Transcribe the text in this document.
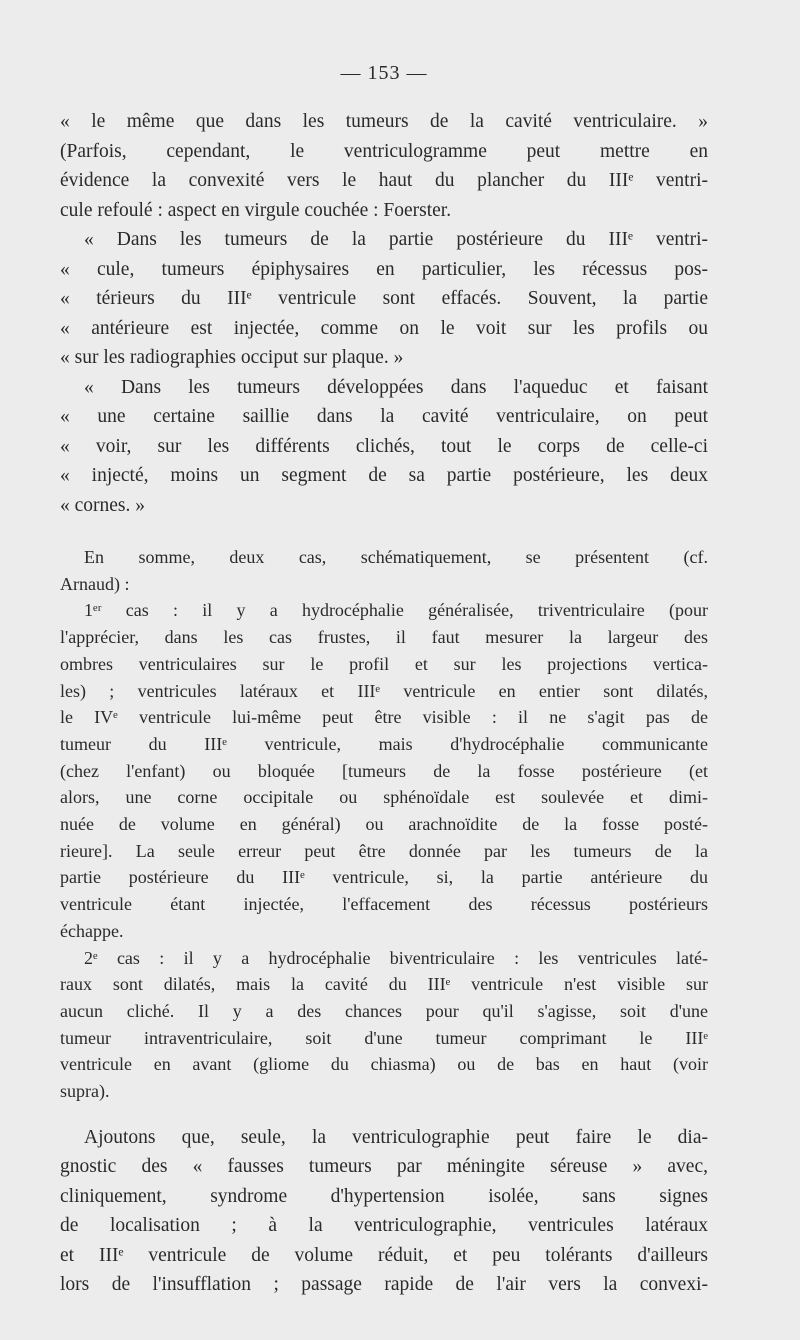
— 153 —
« le même que dans les tumeurs de la cavité ventriculaire. »
(Parfois, cependant, le ventriculogramme peut mettre en
évidence la convexité vers le haut du plancher du IIIᵉ ventri-
cule refoulé : aspect en virgule couchée : Foerster.
« Dans les tumeurs de la partie postérieure du IIIᵉ ventri-
« cule, tumeurs épiphysaires en particulier, les récessus pos-
« térieurs du IIIᵉ ventricule sont effacés. Souvent, la partie
« antérieure est injectée, comme on le voit sur les profils ou
« sur les radiographies occiput sur plaque. »
« Dans les tumeurs développées dans l'aqueduc et faisant
« une certaine saillie dans la cavité ventriculaire, on peut
« voir, sur les différents clichés, tout le corps de celle-ci
« injecté, moins un segment de sa partie postérieure, les deux
« cornes. »
En somme, deux cas, schématiquement, se présentent (cf.
Arnaud) :
1ᵉʳ cas : il y a hydrocéphalie généralisée, triventriculaire (pour
l'apprécier, dans les cas frustes, il faut mesurer la largeur des
ombres ventriculaires sur le profil et sur les projections vertica-
les) ; ventricules latéraux et IIIᵉ ventricule en entier sont dilatés,
le IVᵉ ventricule lui-même peut être visible : il ne s'agit pas de
tumeur du IIIᵉ ventricule, mais d'hydrocéphalie communicante
(chez l'enfant) ou bloquée [tumeurs de la fosse postérieure (et
alors, une corne occipitale ou sphénoïdale est soulevée et dimi-
nuée de volume en général) ou arachnoïdite de la fosse posté-
rieure]. La seule erreur peut être donnée par les tumeurs de la
partie postérieure du IIIᵉ ventricule, si, la partie antérieure du
ventricule étant injectée, l'effacement des récessus postérieurs
échappe.
2ᵉ cas : il y a hydrocéphalie biventriculaire : les ventricules laté-
raux sont dilatés, mais la cavité du IIIᵉ ventricule n'est visible sur
aucun cliché. Il y a des chances pour qu'il s'agisse, soit d'une
tumeur intraventriculaire, soit d'une tumeur comprimant le IIIᵉ
ventricule en avant (gliome du chiasma) ou de bas en haut (voir
supra).
Ajoutons que, seule, la ventriculographie peut faire le dia-
gnostic des « fausses tumeurs par méningite séreuse » avec,
cliniquement, syndrome d'hypertension isolée, sans signes
de localisation ; à la ventriculographie, ventricules latéraux
et IIIᵉ ventricule de volume réduit, et peu tolérants d'ailleurs
lors de l'insufflation ; passage rapide de l'air vers la convexi-
